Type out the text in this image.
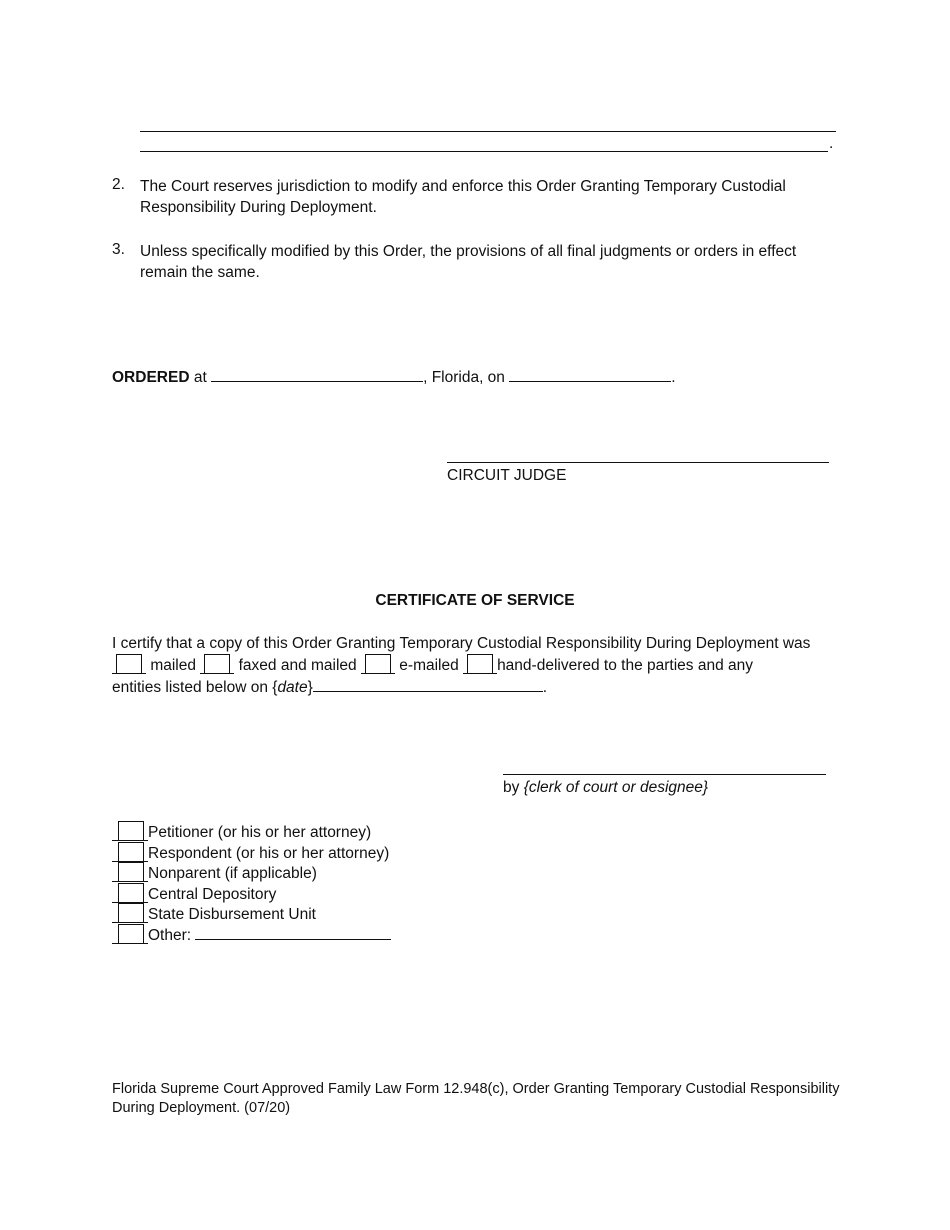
.
2. The Court reserves jurisdiction to modify and enforce this Order Granting Temporary Custodial Responsibility During Deployment.
3. Unless specifically modified by this Order, the provisions of all final judgments or orders in effect remain the same.
ORDERED at	, Florida, on	.
CIRCUIT JUDGE
CERTIFICATE OF SERVICE
I certify that a copy of this Order Granting Temporary Custodial Responsibility During Deployment was
mailed	faxed and mailed	e-mailed hand-delivered to the parties and any
entities listed below on {date}	.
by {clerk of court or designee}
Petitioner (or his or her attorney)
Respondent (or his or her attorney)
Nonparent (if applicable)
Central Depository
State Disbursement Unit
Other:
Florida Supreme Court Approved Family Law Form 12.948(c), Order Granting Temporary Custodial Responsibility
During Deployment. (07/20)
